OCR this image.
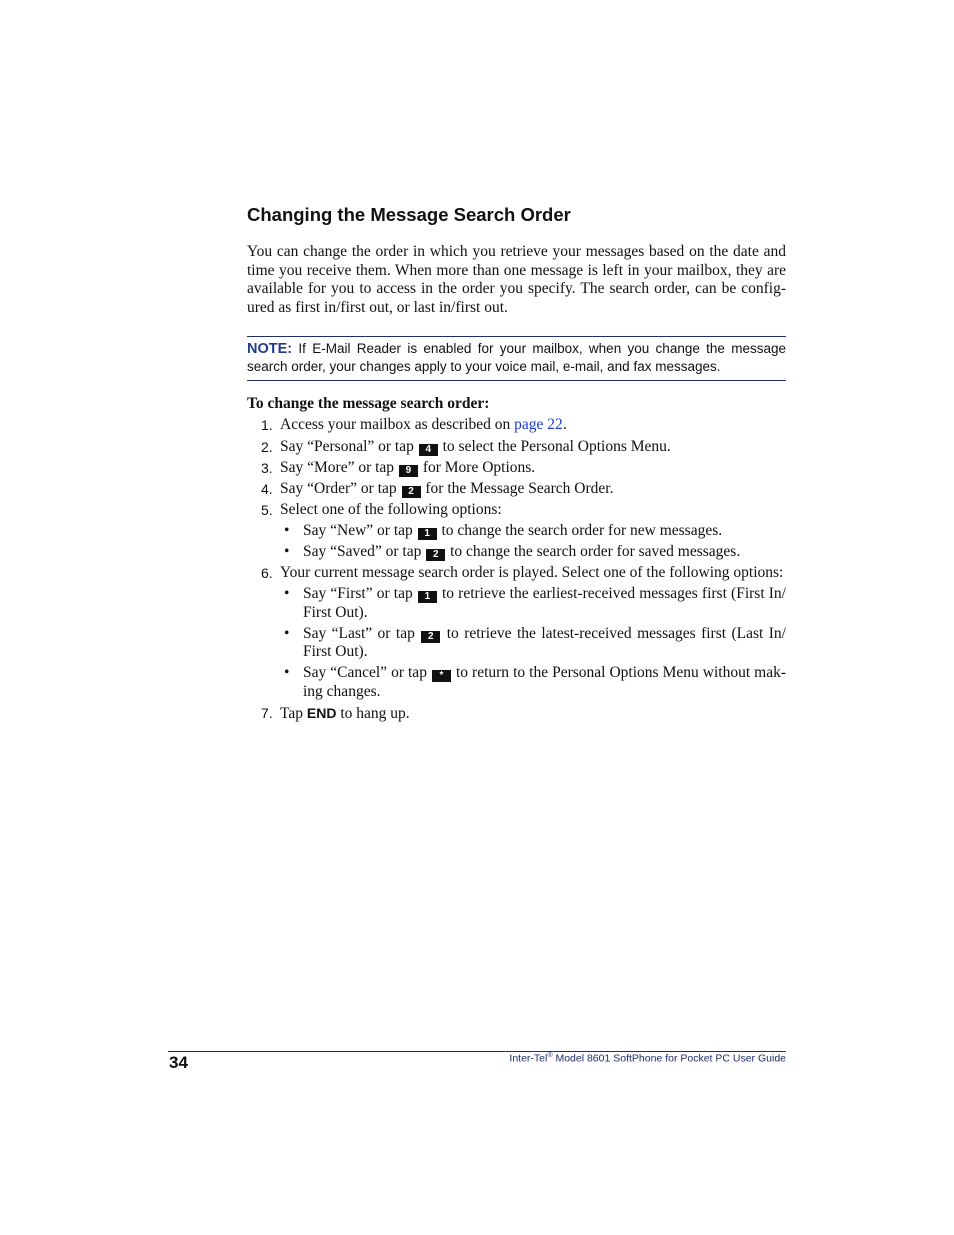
Changing the Message Search Order

You can change the order in which you retrieve your messages based on the date and time you receive them. When more than one message is left in your mailbox, they are available for you to access in the order you specify. The search order, can be config-ured as first in/first out, or last in/first out.

NOTE: If E-Mail Reader is enabled for your mailbox, when you change the message search order, your changes apply to your voice mail, e-mail, and fax messages.
To change the message search order:
1. Access your mailbox as described on page 22.
2. Say “Personal” or tap 4 to select the Personal Options Menu.
3. Say “More” or tap 9 for More Options.
4. Say “Order” or tap 2 for the Message Search Order.
5. Select one of the following options:
• Say “New” or tap 1 to change the search order for new messages.
• Say “Saved” or tap 2 to change the search order for saved messages.
6. Your current message search order is played. Select one of the following options:
• Say “First” or tap 1 to retrieve the earliest-received messages first (First In/ First Out).
• Say “Last” or tap 2 to retrieve the latest-received messages first (Last In/ First Out).
• Say “Cancel” or tap * to return to the Personal Options Menu without mak-ing changes.
7. Tap END to hang up.
34	Inter-Tel® Model 8601 SoftPhone for Pocket PC User Guide
